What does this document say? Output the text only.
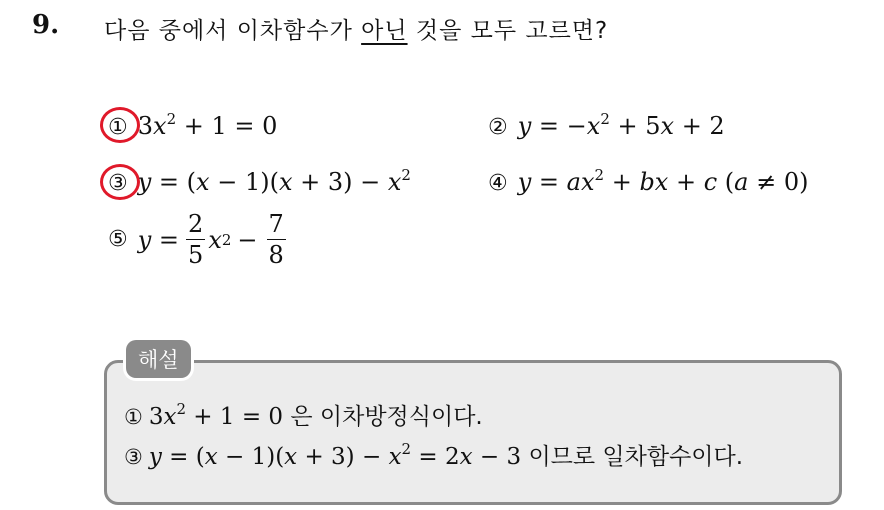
9. 다음 중에서 이차함수가 아닌 것을 모두 고르면?
① $3x^2 + 1 = 0$	② $y = -x^2 + 5x + 2$
③ $y = (x - 1)(x + 3) - x^2$	④ $y = ax^2$ + bx + c (a ≠ 0)
⑤ $y = \frac{2}{5}$ x $2 - \frac{7}{8}$
해설
① $3x^2 + 1 = 0$ 은 이차방정식이다.
③ $y = (x - 1)(x + 3) - x^2 = 2x - 3$ 이므로 일차함수이다.
